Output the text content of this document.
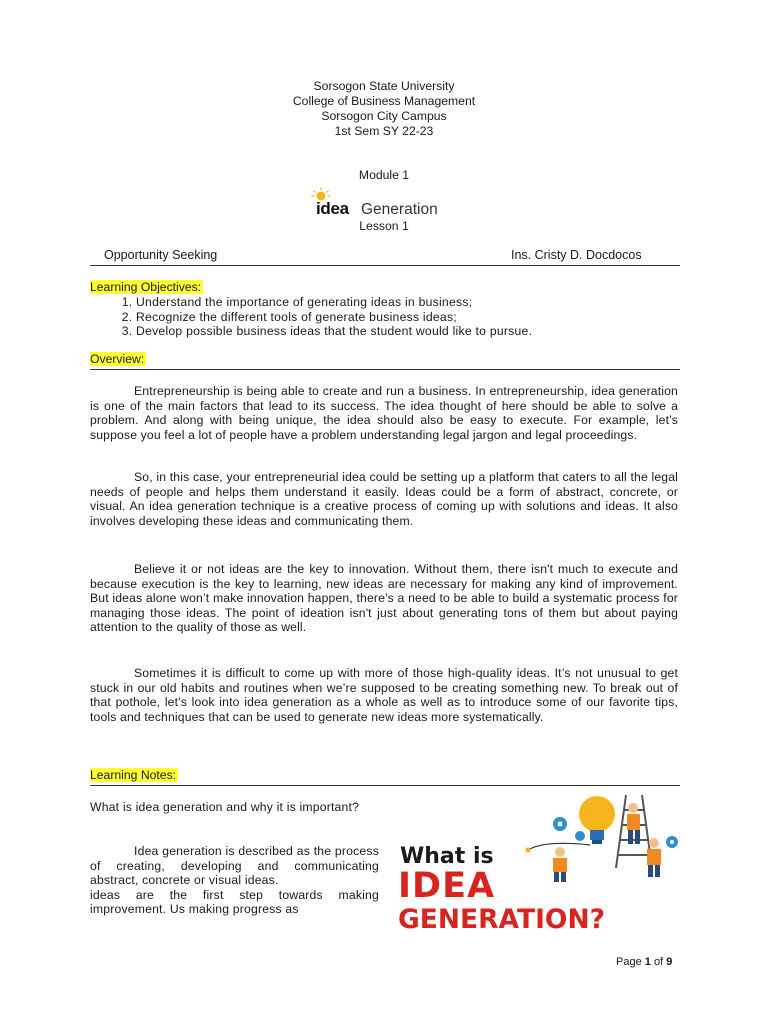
Sorsogon State University
College of Business Management
Sorsogon City Campus
1st Sem SY 22-23
Module 1
idea Generation
Lesson 1
Opportunity Seeking	Ins. Cristy D. Docdocos
Learning Objectives:
1. Understand the importance of generating ideas in business;
2. Recognize the different tools of generate business ideas;
3. Develop possible business ideas that the student would like to pursue.
Overview:

Entrepreneurship is being able to create and run a business. In entrepreneurship, idea generation is one of the main factors that lead to its success. The idea thought of here should be able to solve a problem. And along with being unique, the idea should also be easy to execute. For example, let’s suppose you feel a lot of people have a problem understanding legal jargon and legal proceedings.

So, in this case, your entrepreneurial idea could be setting up a platform that caters to all the legal needs of people and helps them understand it easily. Ideas could be a form of abstract, concrete, or visual. An idea generation technique is a creative process of coming up with solutions and ideas. It also involves developing these ideas and communicating them.

Believe it or not ideas are the key to innovation. Without them, there isn't much to execute and because execution is the key to learning, new ideas are necessary for making any kind of improvement. But ideas alone won’t make innovation happen, there’s a need to be able to build a systematic process for managing those ideas. The point of ideation isn't just about generating tons of them but about paying attention to the quality of those as well.

Sometimes it is difficult to come up with more of those high-quality ideas. It’s not unusual to get stuck in our old habits and routines when we’re supposed to be creating something new. To break out of that pothole, let’s look into idea generation as a whole as well as to introduce some of our favorite tips, tools and techniques that can be used to generate new ideas more systematically.

Learning Notes:

What is idea generation and why it is important?

Idea generation is described as the process of creating, developing and communicating abstract, concrete or visual ideas.

ideas are the first step towards making improvement. Us making progress as

What is
IDEA
GENERATION?
Page 1 of 9
